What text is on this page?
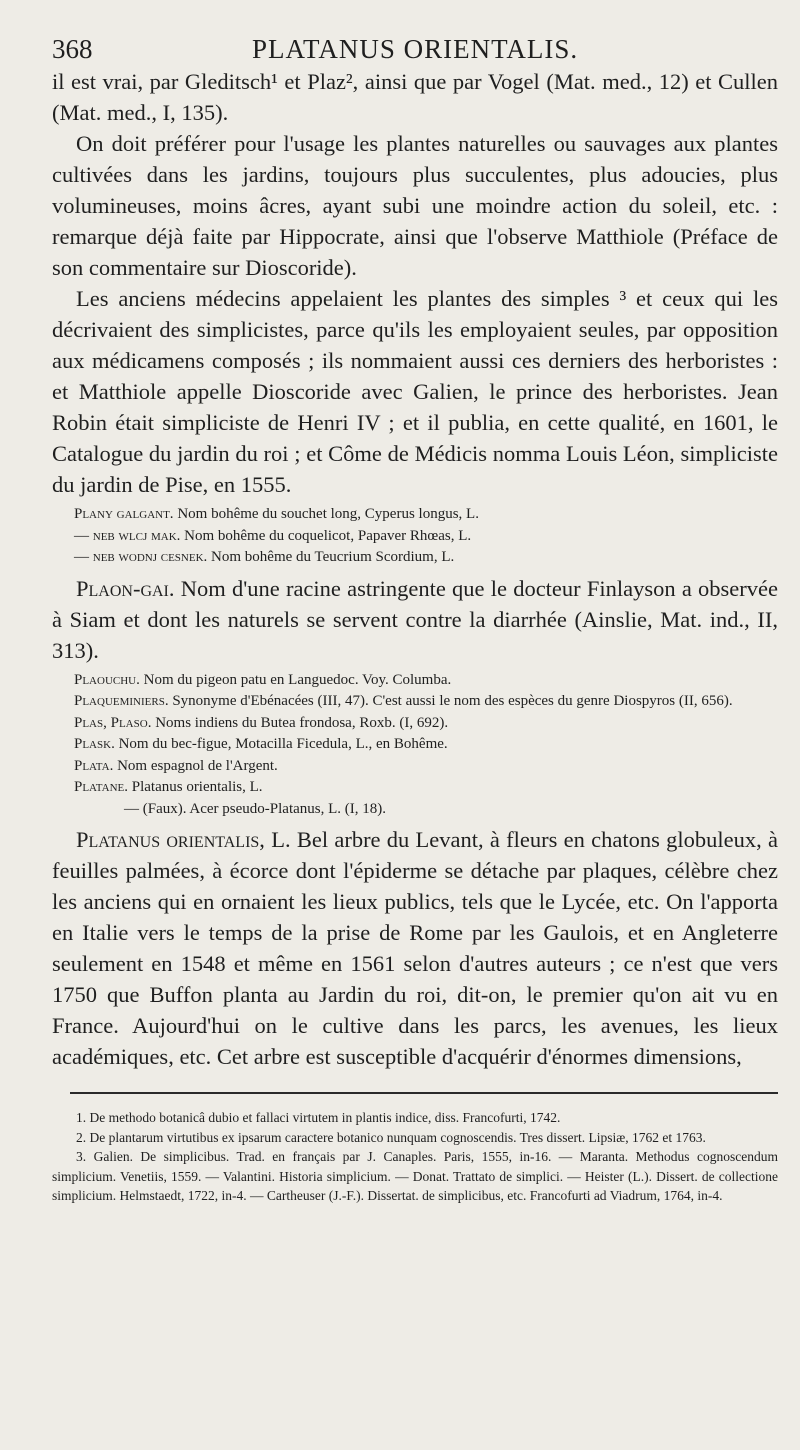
368	PLATANUS ORIENTALIS.

il est vrai, par Gleditsch¹ et Plaz², ainsi que par Vogel (Mat. med., 12) et Cullen (Mat. med., I, 135).

On doit préférer pour l'usage les plantes naturelles ou sauvages aux plantes cultivées dans les jardins, toujours plus succulentes, plus adoucies, plus volumineuses, moins âcres, ayant subi une moindre action du soleil, etc. : remarque déjà faite par Hippocrate, ainsi que l'observe Matthiole (Préface de son commentaire sur Dioscoride).

Les anciens médecins appelaient les plantes des simples ³ et ceux qui les décrivaient des simplicistes, parce qu'ils les employaient seules, par opposition aux médicamens composés ; ils nommaient aussi ces derniers des herboristes : et Matthiole appelle Dioscoride avec Galien, le prince des herboristes. Jean Robin était simpliciste de Henri IV ; et il publia, en cette qualité, en 1601, le Catalogue du jardin du roi ; et Côme de Médicis nomma Louis Léon, simpliciste du jardin de Pise, en 1555.

Plany galgant. Nom bohême du souchet long, Cyperus longus, L.

— neb wlcj mak. Nom bohême du coquelicot, Papaver Rhœas, L.

— neb wodnj cesnek. Nom bohême du Teucrium Scordium, L.

Plaon-gai. Nom d'une racine astringente que le docteur Finlayson a observée à Siam et dont les naturels se servent contre la diarrhée (Ainslie, Mat. ind., II, 313).

Plaouchu. Nom du pigeon patu en Languedoc. Voy. Columba.

Plaqueminiers. Synonyme d'Ebénacées (III, 47). C'est aussi le nom des espèces du genre Diospyros (II, 656).

Plas, Plaso. Noms indiens du Butea frondosa, Roxb. (I, 692).

Plask. Nom du bec-figue, Motacilla Ficedula, L., en Bohême.

Plata. Nom espagnol de l'Argent.

Platane. Platanus orientalis, L.

— (Faux). Acer pseudo-Platanus, L. (I, 18).

Platanus orientalis, L. Bel arbre du Levant, à fleurs en chatons globuleux, à feuilles palmées, à écorce dont l'épiderme se détache par plaques, célèbre chez les anciens qui en ornaient les lieux publics, tels que le Lycée, etc. On l'apporta en Italie vers le temps de la prise de Rome par les Gaulois, et en Angleterre seulement en 1548 et même en 1561 selon d'autres auteurs ; ce n'est que vers 1750 que Buffon planta au Jardin du roi, dit-on, le premier qu'on ait vu en France. Aujourd'hui on le cultive dans les parcs, les avenues, les lieux académiques, etc. Cet arbre est susceptible d'acquérir d'énormes dimensions,

1. De methodo botanicâ dubio et fallaci virtutem in plantis indice, diss. Francofurti, 1742.

2. De plantarum virtutibus ex ipsarum caractere botanico nunquam cognoscendis. Tres dissert. Lipsiæ, 1762 et 1763.

3. Galien. De simplicibus. Trad. en français par J. Canaples. Paris, 1555, in-16. — Maranta. Methodus cognoscendum simplicium. Venetiis, 1559. — Valantini. Historia simplicium. — Donat. Trattato de simplici. — Heister (L.). Dissert. de collectione simplicium. Helmstaedt, 1722, in-4. — Cartheuser (J.-F.). Dissertat. de simplicibus, etc. Francofurti ad Viadrum, 1764, in-4.
